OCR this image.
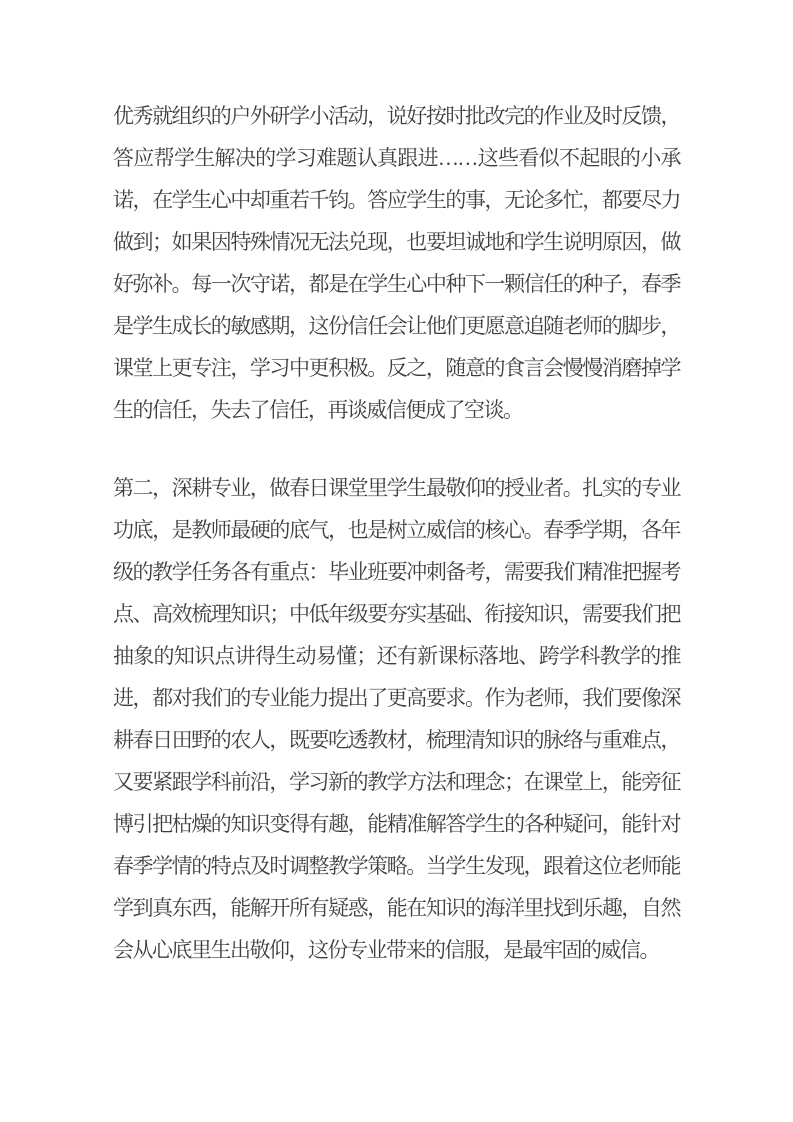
优秀就组织的户外研学小活动，说好按时批改完的作业及时反馈，答应帮学生解决的学习难题认真跟进……这些看似不起眼的小承诺，在学生心中却重若千钧。答应学生的事，无论多忙，都要尽力做到；如果因特殊情况无法兑现，也要坦诚地和学生说明原因，做好弥补。每一次守诺，都是在学生心中种下一颗信任的种子，春季是学生成长的敏感期，这份信任会让他们更愿意追随老师的脚步，课堂上更专注，学习中更积极。反之，随意的食言会慢慢消磨掉学生的信任，失去了信任，再谈威信便成了空谈。

第二，深耕专业，做春日课堂里学生最敬仰的授业者。扎实的专业功底，是教师最硬的底气，也是树立威信的核心。春季学期，各年级的教学任务各有重点：毕业班要冲刺备考，需要我们精准把握考点、高效梳理知识；中低年级要夯实基础、衔接知识，需要我们把抽象的知识点讲得生动易懂；还有新课标落地、跨学科教学的推进，都对我们的专业能力提出了更高要求。作为老师，我们要像深耕春日田野的农人，既要吃透教材，梳理清知识的脉络与重难点，又要紧跟学科前沿，学习新的教学方法和理念；在课堂上，能旁征博引把枯燥的知识变得有趣，能精准解答学生的各种疑问，能针对春季学情的特点及时调整教学策略。当学生发现，跟着这位老师能学到真东西，能解开所有疑惑，能在知识的海洋里找到乐趣，自然会从心底里生出敬仰，这份专业带来的信服，是最牢固的威信。
